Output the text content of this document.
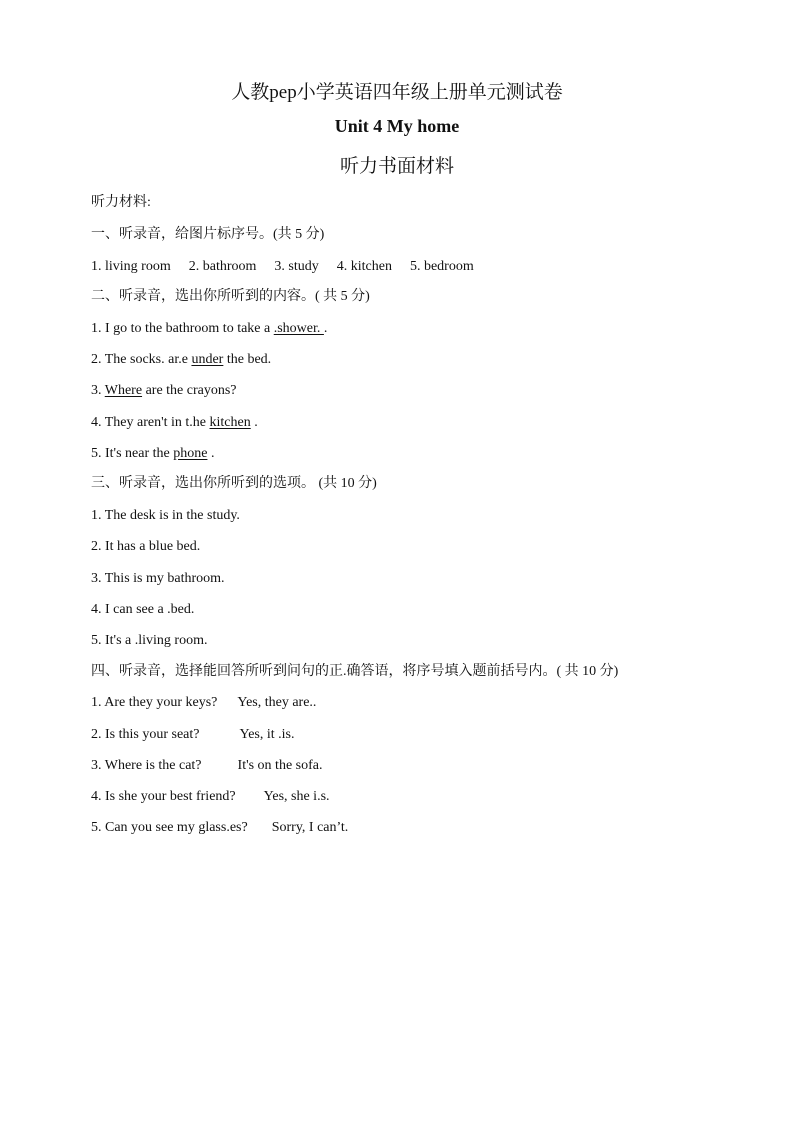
人教pep小学英语四年级上册单元测试卷
Unit 4 My home
听力书面材料
听力材料:
一、听录音，给图片标序号。(共 5 分)
1. living room 2. bathroom 3. study 4. kitchen 5. bedroom
二、听录音，选出你所听到的内容。( 共 5 分)
1. I go to the bathroom to take a .shower. .
2. The socks. ar.e under the bed.
3. Where are the crayons?
4. They aren't in t.he kitchen .
5. It's near the phone .
三、听录音，选出你所听到的选项。 (共 10 分)
1. The desk is in the study.
2. It has a blue bed.
3. This is my bathroom.
4. I can see a .bed.
5. It's a .living room.
四、听录音，选择能回答所听到问句的正.确答语，将序号填入题前括号内。( 共 10 分)
1. Are they your keys? Yes, they are..
2. Is this your seat?	Yes, it .is.
3. Where is the cat?	It's on the sofa.
4. Is she your best friend? Yes, she i.s.
5. Can you see my glass.es? Sorry, I can’t.
